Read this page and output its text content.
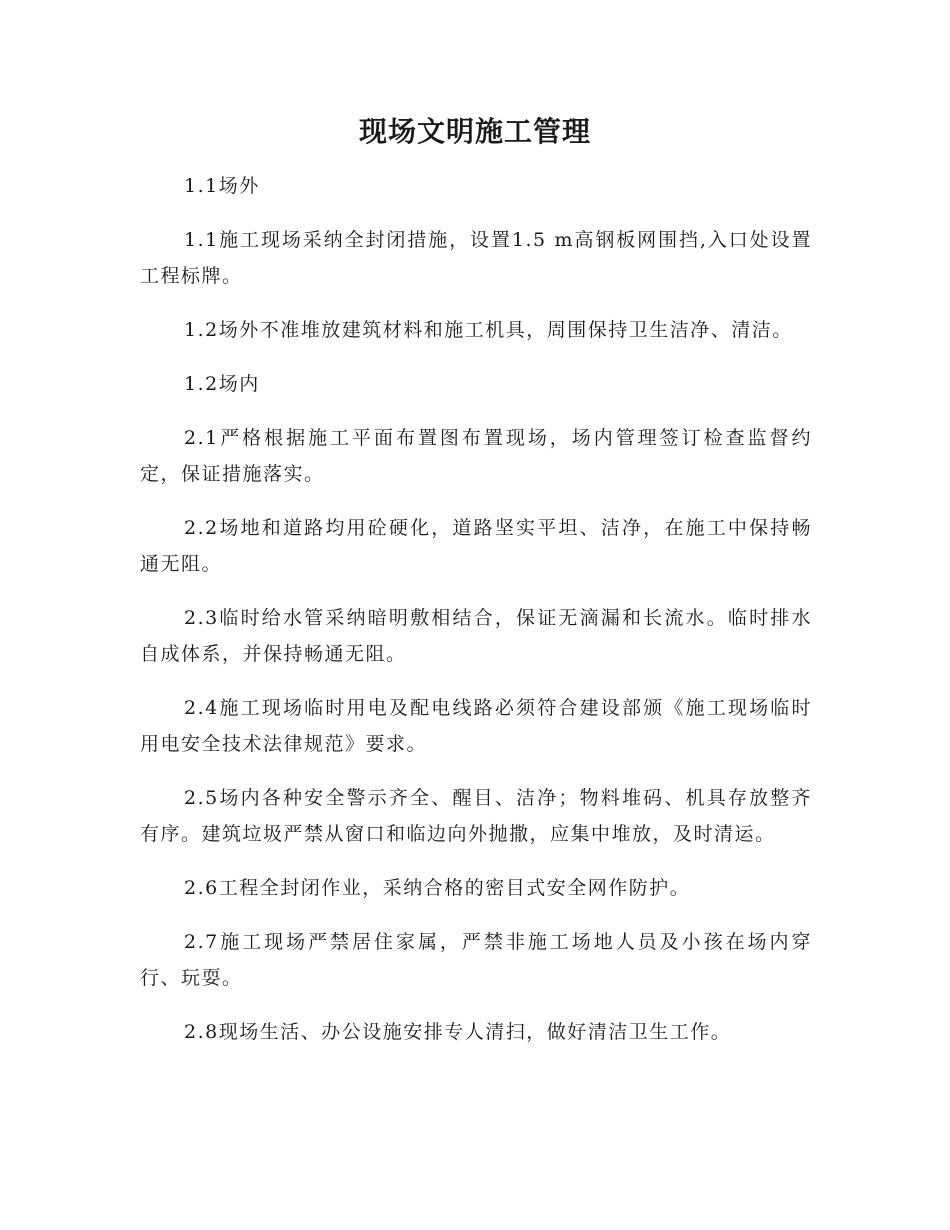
现场文明施工管理

1.1场外

1.1施工现场采纳全封闭措施，设置1.5 m高钢板网围挡,入口处设置工程标牌。

1.2场外不准堆放建筑材料和施工机具，周围保持卫生洁净、清洁。

1.2场内

2.1严格根据施工平面布置图布置现场，场内管理签订检查监督约定，保证措施落实。

2.2场地和道路均用砼硬化，道路坚实平坦、洁净，在施工中保持畅通无阻。

2.3临时给水管采纳暗明敷相结合，保证无滴漏和长流水。临时排水自成体系，并保持畅通无阻。

2.4施工现场临时用电及配电线路必须符合建设部颁《施工现场临时用电安全技术法律规范》要求。

2.5场内各种安全警示齐全、醒目、洁净；物料堆码、机具存放整齐有序。建筑垃圾严禁从窗口和临边向外抛撒，应集中堆放，及时清运。

2.6工程全封闭作业，采纳合格的密目式安全网作防护。

2.7施工现场严禁居住家属，严禁非施工场地人员及小孩在场内穿行、玩耍。

2.8现场生活、办公设施安排专人清扫，做好清洁卫生工作。
